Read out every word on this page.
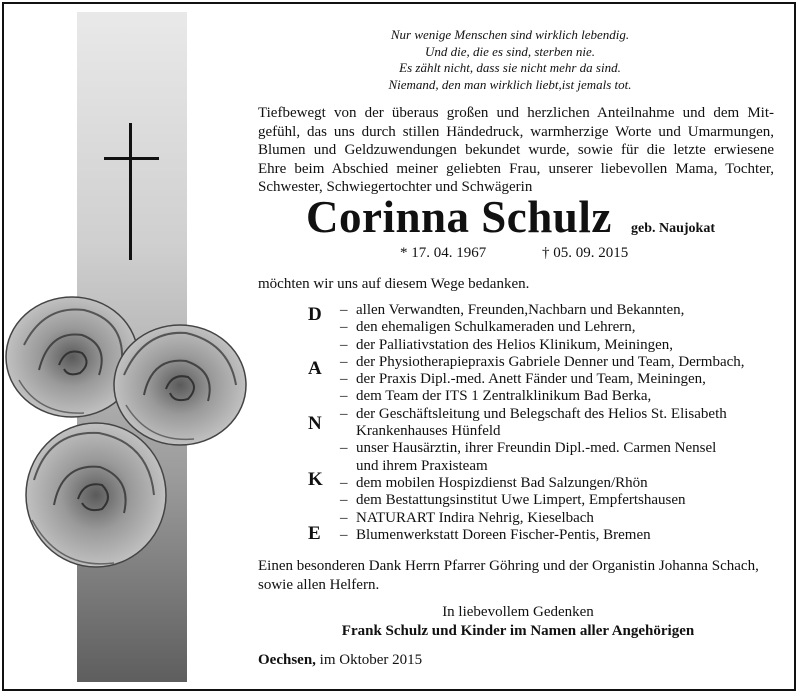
Nur wenige Menschen sind wirklich lebendig.
Und die, die es sind, sterben nie.
Es zählt nicht, dass sie nicht mehr da sind.
Niemand, den man wirklich liebt,ist jemals tot.
Tiefbewegt von der überaus großen und herzlichen Anteilnahme und dem Mit-
gefühl, das uns durch stillen Händedruck, warmherzige Worte und Umarmungen,
Blumen und Geldzuwendungen bekundet wurde, sowie für die letzte erwiesene
Ehre beim Abschied meiner geliebten Frau, unserer liebevollen Mama, Tochter,
Schwester, Schwiegertochter und Schwägerin
Corinna Schulz geb. Naujokat
* 17. 04. 1967	† 05. 09. 2015
möchten wir uns auf diesem Wege bedanken.
D
A
N
K
E
– allen Verwandten, Freunden,Nachbarn und Bekannten,
– den ehemaligen Schulkameraden und Lehrern,
– der Palliativstation des Helios Klinikum, Meiningen,
– der Physiotherapiepraxis Gabriele Denner und Team, Dermbach,
– der Praxis Dipl.-med. Anett Fänder und Team, Meiningen,
– dem Team der ITS 1 Zentralklinikum Bad Berka,
– der Geschäftsleitung und Belegschaft des Helios St. Elisabeth
Krankenhauses Hünfeld
– unser Hausärztin, ihrer Freundin Dipl.-med. Carmen Nensel
und ihrem Praxisteam
– dem mobilen Hospizdienst Bad Salzungen/Rhön
– dem Bestattungsinstitut Uwe Limpert, Empfertshausen
– NATURART Indira Nehrig, Kieselbach
– Blumenwerkstatt Doreen Fischer-Pentis, Bremen
Einen besonderen Dank Herrn Pfarrer Göhring und der Organistin Johanna Schach,
sowie allen Helfern.
In liebevollem Gedenken
Frank Schulz und Kinder im Namen aller Angehörigen
Oechsen, im Oktober 2015
